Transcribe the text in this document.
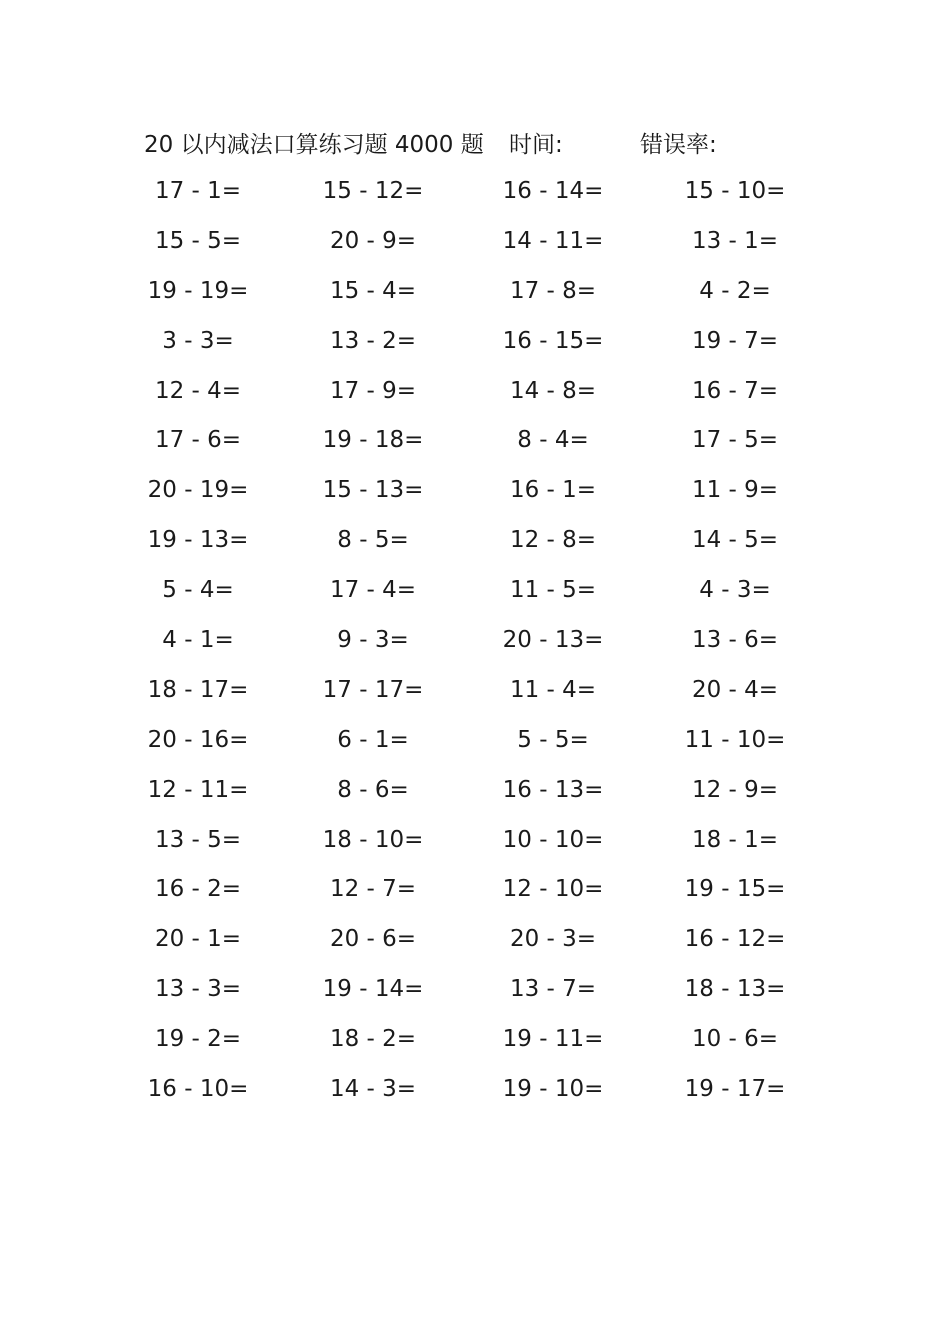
20 以内减法口算练习题 4000 题 时间:	错误率:
17 - 1=	15 - 12=	16 - 14=	15 - 10=
15 - 5=	20 - 9=	14 - 11=	13 - 1=
19 - 19=	15 - 4=	17 - 8=	4 - 2=
3 - 3=	13 - 2=	16 - 15=	19 - 7=
12 - 4=	17 - 9=	14 - 8=	16 - 7=
17 - 6=	19 - 18=	8 - 4=	17 - 5=
20 - 19=	15 - 13=	16 - 1=	11 - 9=
19 - 13=	8 - 5=	12 - 8=	14 - 5=
5 - 4=	17 - 4=	11 - 5=	4 - 3=
4 - 1=	9 - 3=	20 - 13=	13 - 6=
18 - 17=	17 - 17=	11 - 4=	20 - 4=
20 - 16=	6 - 1=	5 - 5=	11 - 10=
12 - 11=	8 - 6=	16 - 13=	12 - 9=
13 - 5=	18 - 10=	10 - 10=	18 - 1=
16 - 2=	12 - 7=	12 - 10=	19 - 15=
20 - 1=	20 - 6=	20 - 3=	16 - 12=
13 - 3=	19 - 14=	13 - 7=	18 - 13=
19 - 2=	18 - 2=	19 - 11=	10 - 6=
16 - 10=	14 - 3=	19 - 10=	19 - 17=
